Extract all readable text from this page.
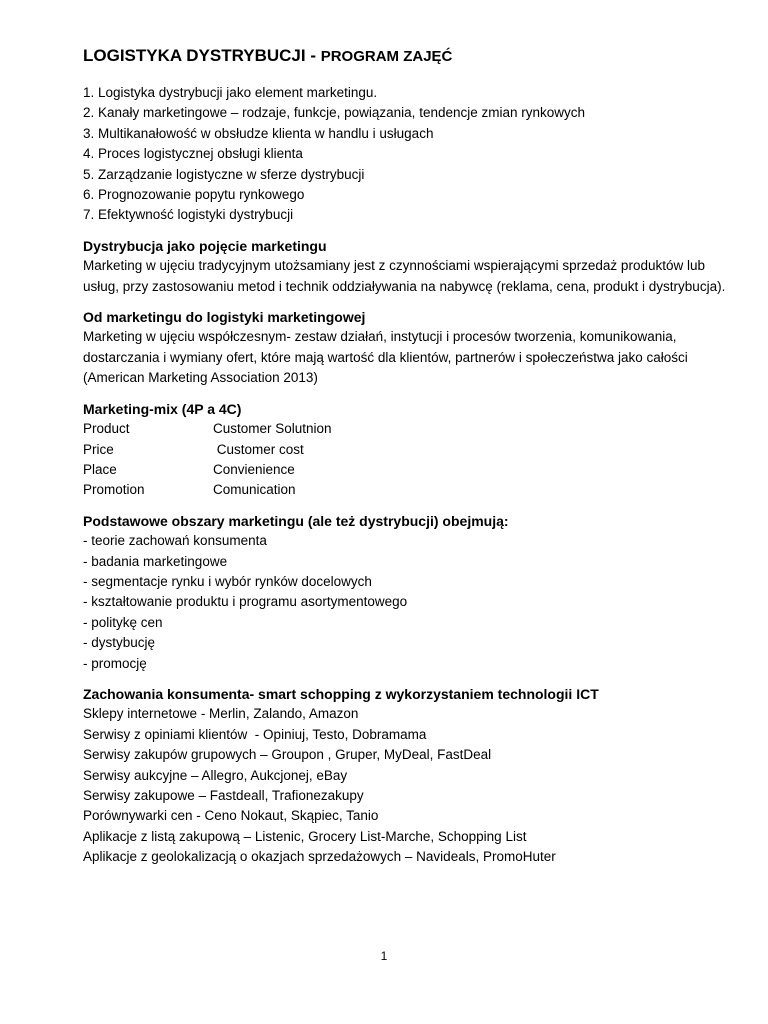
LOGISTYKA DYSTRYBUCJI - PROGRAM ZAJĘĆ
1. Logistyka dystrybucji jako element marketingu.
2. Kanały marketingowe – rodzaje, funkcje, powiązania, tendencje zmian rynkowych
3. Multikanałowość w obsłudze klienta w handlu i usługach
4. Proces logistycznej obsługi klienta
5. Zarządzanie logistyczne w sferze dystrybucji
6. Prognozowanie popytu rynkowego
7. Efektywność logistyki dystrybucji
Dystrybucja jako pojęcie marketingu
Marketing w ujęciu tradycyjnym utożsamiany jest z czynnościami wspierającymi sprzedaż produktów lub usług, przy zastosowaniu metod i technik oddziaływania na nabywcę (reklama, cena, produkt i dystrybucja).
Od marketingu do logistyki marketingowej
Marketing w ujęciu współczesnym- zestaw działań, instytucji i procesów tworzenia, komunikowania, dostarczania i wymiany ofert, które mają wartość dla klientów, partnerów i społeczeństwa jako całości (American Marketing Association 2013)
Marketing-mix (4P a 4C)
Product	Customer Solutnion
Price	Customer cost
Place	Convienience
Promotion	Comunication
Podstawowe obszary marketingu (ale też dystrybucji) obejmują:
- teorie zachowań konsumenta
- badania marketingowe
- segmentacje rynku i wybór rynków docelowych
- kształtowanie produktu i programu asortymentowego
- politykę cen
- dystybucję
- promocję
Zachowania konsumenta- smart schopping z wykorzystaniem technologii ICT
Sklepy internetowe - Merlin, Zalando, Amazon
Serwisy z opiniami klientów  - Opiniuj, Testo, Dobramama
Serwisy zakupów grupowych – Groupon , Gruper, MyDeal, FastDeal
Serwisy aukcyjne – Allegro, Aukcjonej, eBay
Serwisy zakupowe – Fastdeall, Trafionezakupy
Porównywarki cen - Ceno Nokaut, Skąpiec, Tanio
Aplikacje z listą zakupową – Listenic, Grocery List-Marche, Schopping List
Aplikacje z geolokalizacją o okazjach sprzedażowych – Navideals, PromoHuter
1
